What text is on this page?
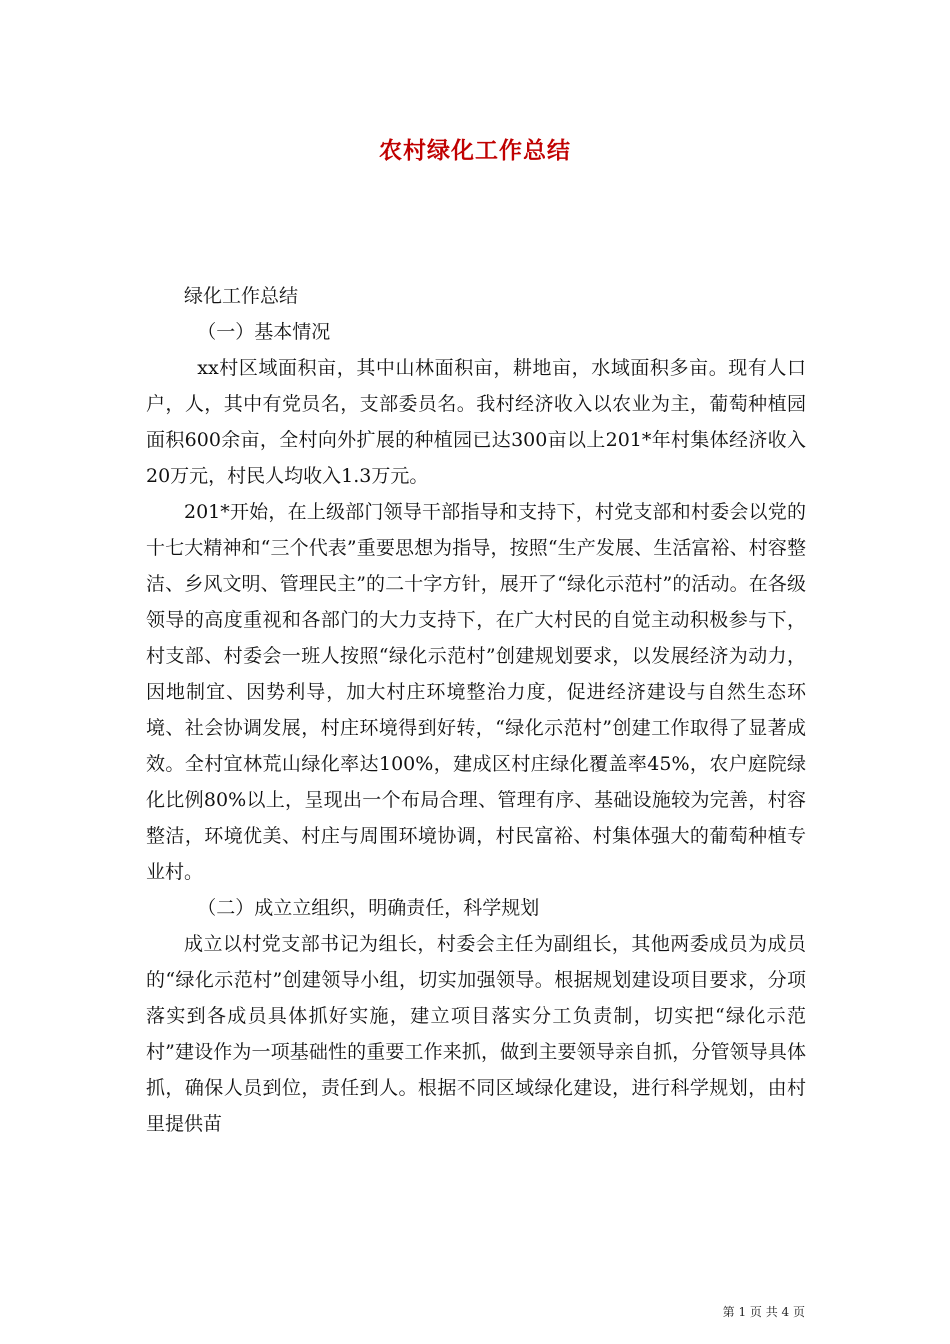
农村绿化工作总结

绿化工作总结

（一）基本情况

xx村区域面积亩，其中山林面积亩，耕地亩，水域面积多亩。现有人口户，人，其中有党员名，支部委员名。我村经济收入以农业为主，葡萄种植园面积600余亩，全村向外扩展的种植园已达300亩以上201*年村集体经济收入20万元，村民人均收入1.3万元。

201*开始，在上级部门领导干部指导和支持下，村党支部和村委会以党的十七大精神和“三个代表”重要思想为指导，按照“生产发展、生活富裕、村容整洁、乡风文明、管理民主”的二十字方针，展开了“绿化示范村”的活动。在各级领导的高度重视和各部门的大力支持下，在广大村民的自觉主动积极参与下，村支部、村委会一班人按照“绿化示范村”创建规划要求，以发展经济为动力，因地制宜、因势利导，加大村庄环境整治力度，促进经济建设与自然生态环境、社会协调发展，村庄环境得到好转，“绿化示范村”创建工作取得了显著成效。全村宜林荒山绿化率达100%，建成区村庄绿化覆盖率45%，农户庭院绿化比例80%以上，呈现出一个布局合理、管理有序、基础设施较为完善，村容整洁，环境优美、村庄与周围环境协调，村民富裕、村集体强大的葡萄种植专业村。

（二）成立立组织，明确责任，科学规划

成立以村党支部书记为组长，村委会主任为副组长，其他两委成员为成员的“绿化示范村”创建领导小组，切实加强领导。根据规划建设项目要求，分项落实到各成员具体抓好实施，建立项目落实分工负责制，切实把“绿化示范村”建设作为一项基础性的重要工作来抓，做到主要领导亲自抓，分管领导具体抓，确保人员到位，责任到人。根据不同区域绿化建设，进行科学规划，由村里提供苗

第 1 页 共 4 页
